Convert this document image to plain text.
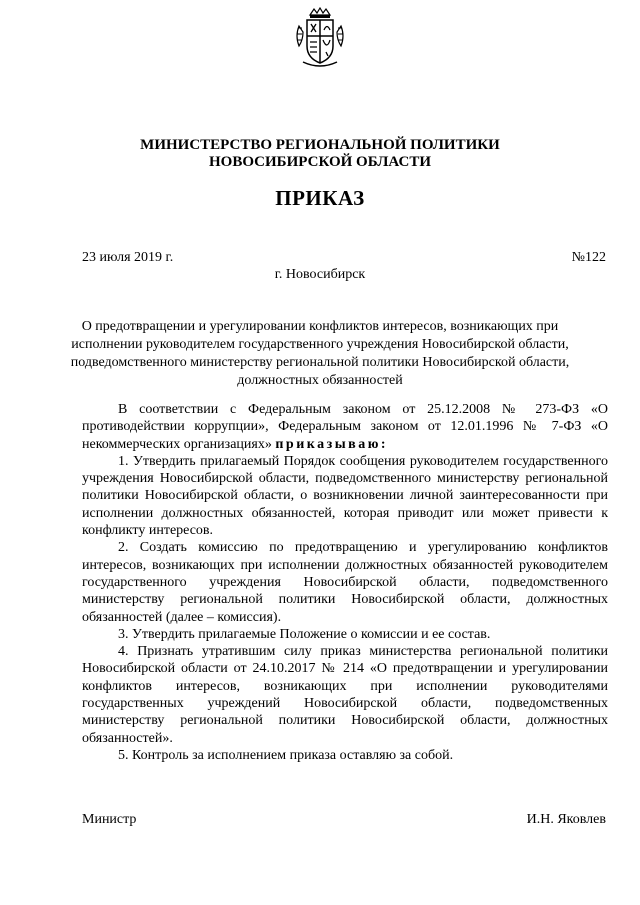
МИНИСТЕРСТВО РЕГИОНАЛЬНОЙ ПОЛИТИКИ
НОВОСИБИРСКОЙ ОБЛАСТИ
ПРИКАЗ
23 июля 2019 г.	№122
г. Новосибирск
О предотвращении и урегулировании конфликтов интересов, возникающих при исполнении руководителем государственного учреждения Новосибирской области, подведомственного министерству региональной политики Новосибирской области, должностных обязанностей

В соответствии с Федеральным законом от 25.12.2008 № 273-ФЗ «О противодействии коррупции», Федеральным законом от 12.01.1996 № 7-ФЗ «О некоммерческих организациях» приказываю:

1. Утвердить прилагаемый Порядок сообщения руководителем государственного учреждения Новосибирской области, подведомственного министерству региональной политики Новосибирской области, о возникновении личной заинтересованности при исполнении должностных обязанностей, которая приводит или может привести к конфликту интересов.

2. Создать комиссию по предотвращению и урегулированию конфликтов интересов, возникающих при исполнении должностных обязанностей руководителем государственного учреждения Новосибирской области, подведомственного министерству региональной политики Новосибирской области, должностных обязанностей (далее – комиссия).

3. Утвердить прилагаемые Положение о комиссии и ее состав.

4. Признать утратившим силу приказ министерства региональной политики Новосибирской области от 24.10.2017 № 214 «О предотвращении и урегулировании конфликтов интересов, возникающих при исполнении руководителями государственных учреждений Новосибирской области, подведомственных министерству региональной политики Новосибирской области, должностных обязанностей».

5. Контроль за исполнением приказа оставляю за собой.

Министр	И.Н. Яковлев
